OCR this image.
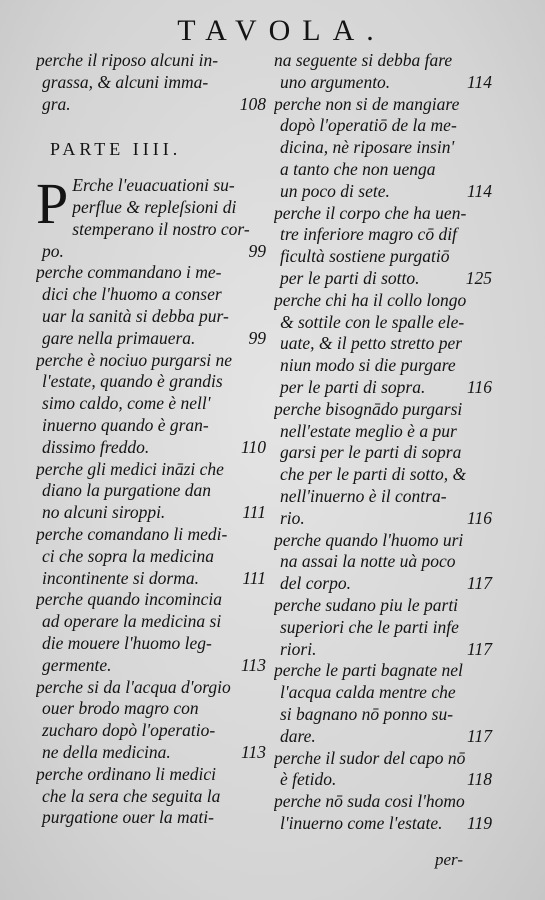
TAVOLA.
perche il riposo alcuni in-
grassa, & alcuni imma-
gra.	108
PARTE IIII.
P Erche l'euacuationi su-
perflue & repleſsioni di
stemperano il nostro cor-
po.	99
perche commandano i me-
dici che l'huomo a conser
uar la sanità si debba pur-
gare nella primauera.	99
perche è nociuo purgarsi ne
l'estate, quando è grandis
simo caldo, come è nell'
inuerno quando è gran-
dissimo freddo.	110
perche gli medici ināzi che
diano la purgatione dan
no alcuni siroppi.	111
perche comandano li medi-
ci che sopra la medicina
incontinente si dorma. 111
perche quando incomincia
ad operare la medicina si
die mouere l'huomo leg-
germente.	113
perche si da l'acqua d'orgio
ouer brodo magro con
zucharo dopò l'operatio-
ne della medicina.	113
perche ordinano li medici
che la sera che seguita la
purgatione ouer la mati-
na seguente si debba fare
uno argumento.	114
perche non si de mangiare
dopò l'operatiō de la me-
dicina, nè riposare insin'
a tanto che non uenga
un poco di sete.	114
perche il corpo che ha uen-
tre inferiore magro cō dif
ficultà sostiene purgatiō
per le parti di sotto.	125
perche chi ha il collo longo
& sottile con le spalle ele-
uate, & il petto stretto per
niun modo si die purgare
per le parti di sopra. 116
perche bisognādo purgarsi
nell'estate meglio è a pur
garsi per le parti di sopra
che per le parti di sotto, &
nell'inuerno è il contra-
rio.	116
perche quando l'huomo uri
na assai la notte uà poco
del corpo.	117
perche sudano piu le parti
superiori che le parti infe
riori.	117
perche le parti bagnate nel
l'acqua calda mentre che
si bagnano nō ponno su-
dare.	117
perche il sudor del capo nō
è fetido.	118
perche nō suda cosi l'homo
l'inuerno come l'estate. 119
per-
